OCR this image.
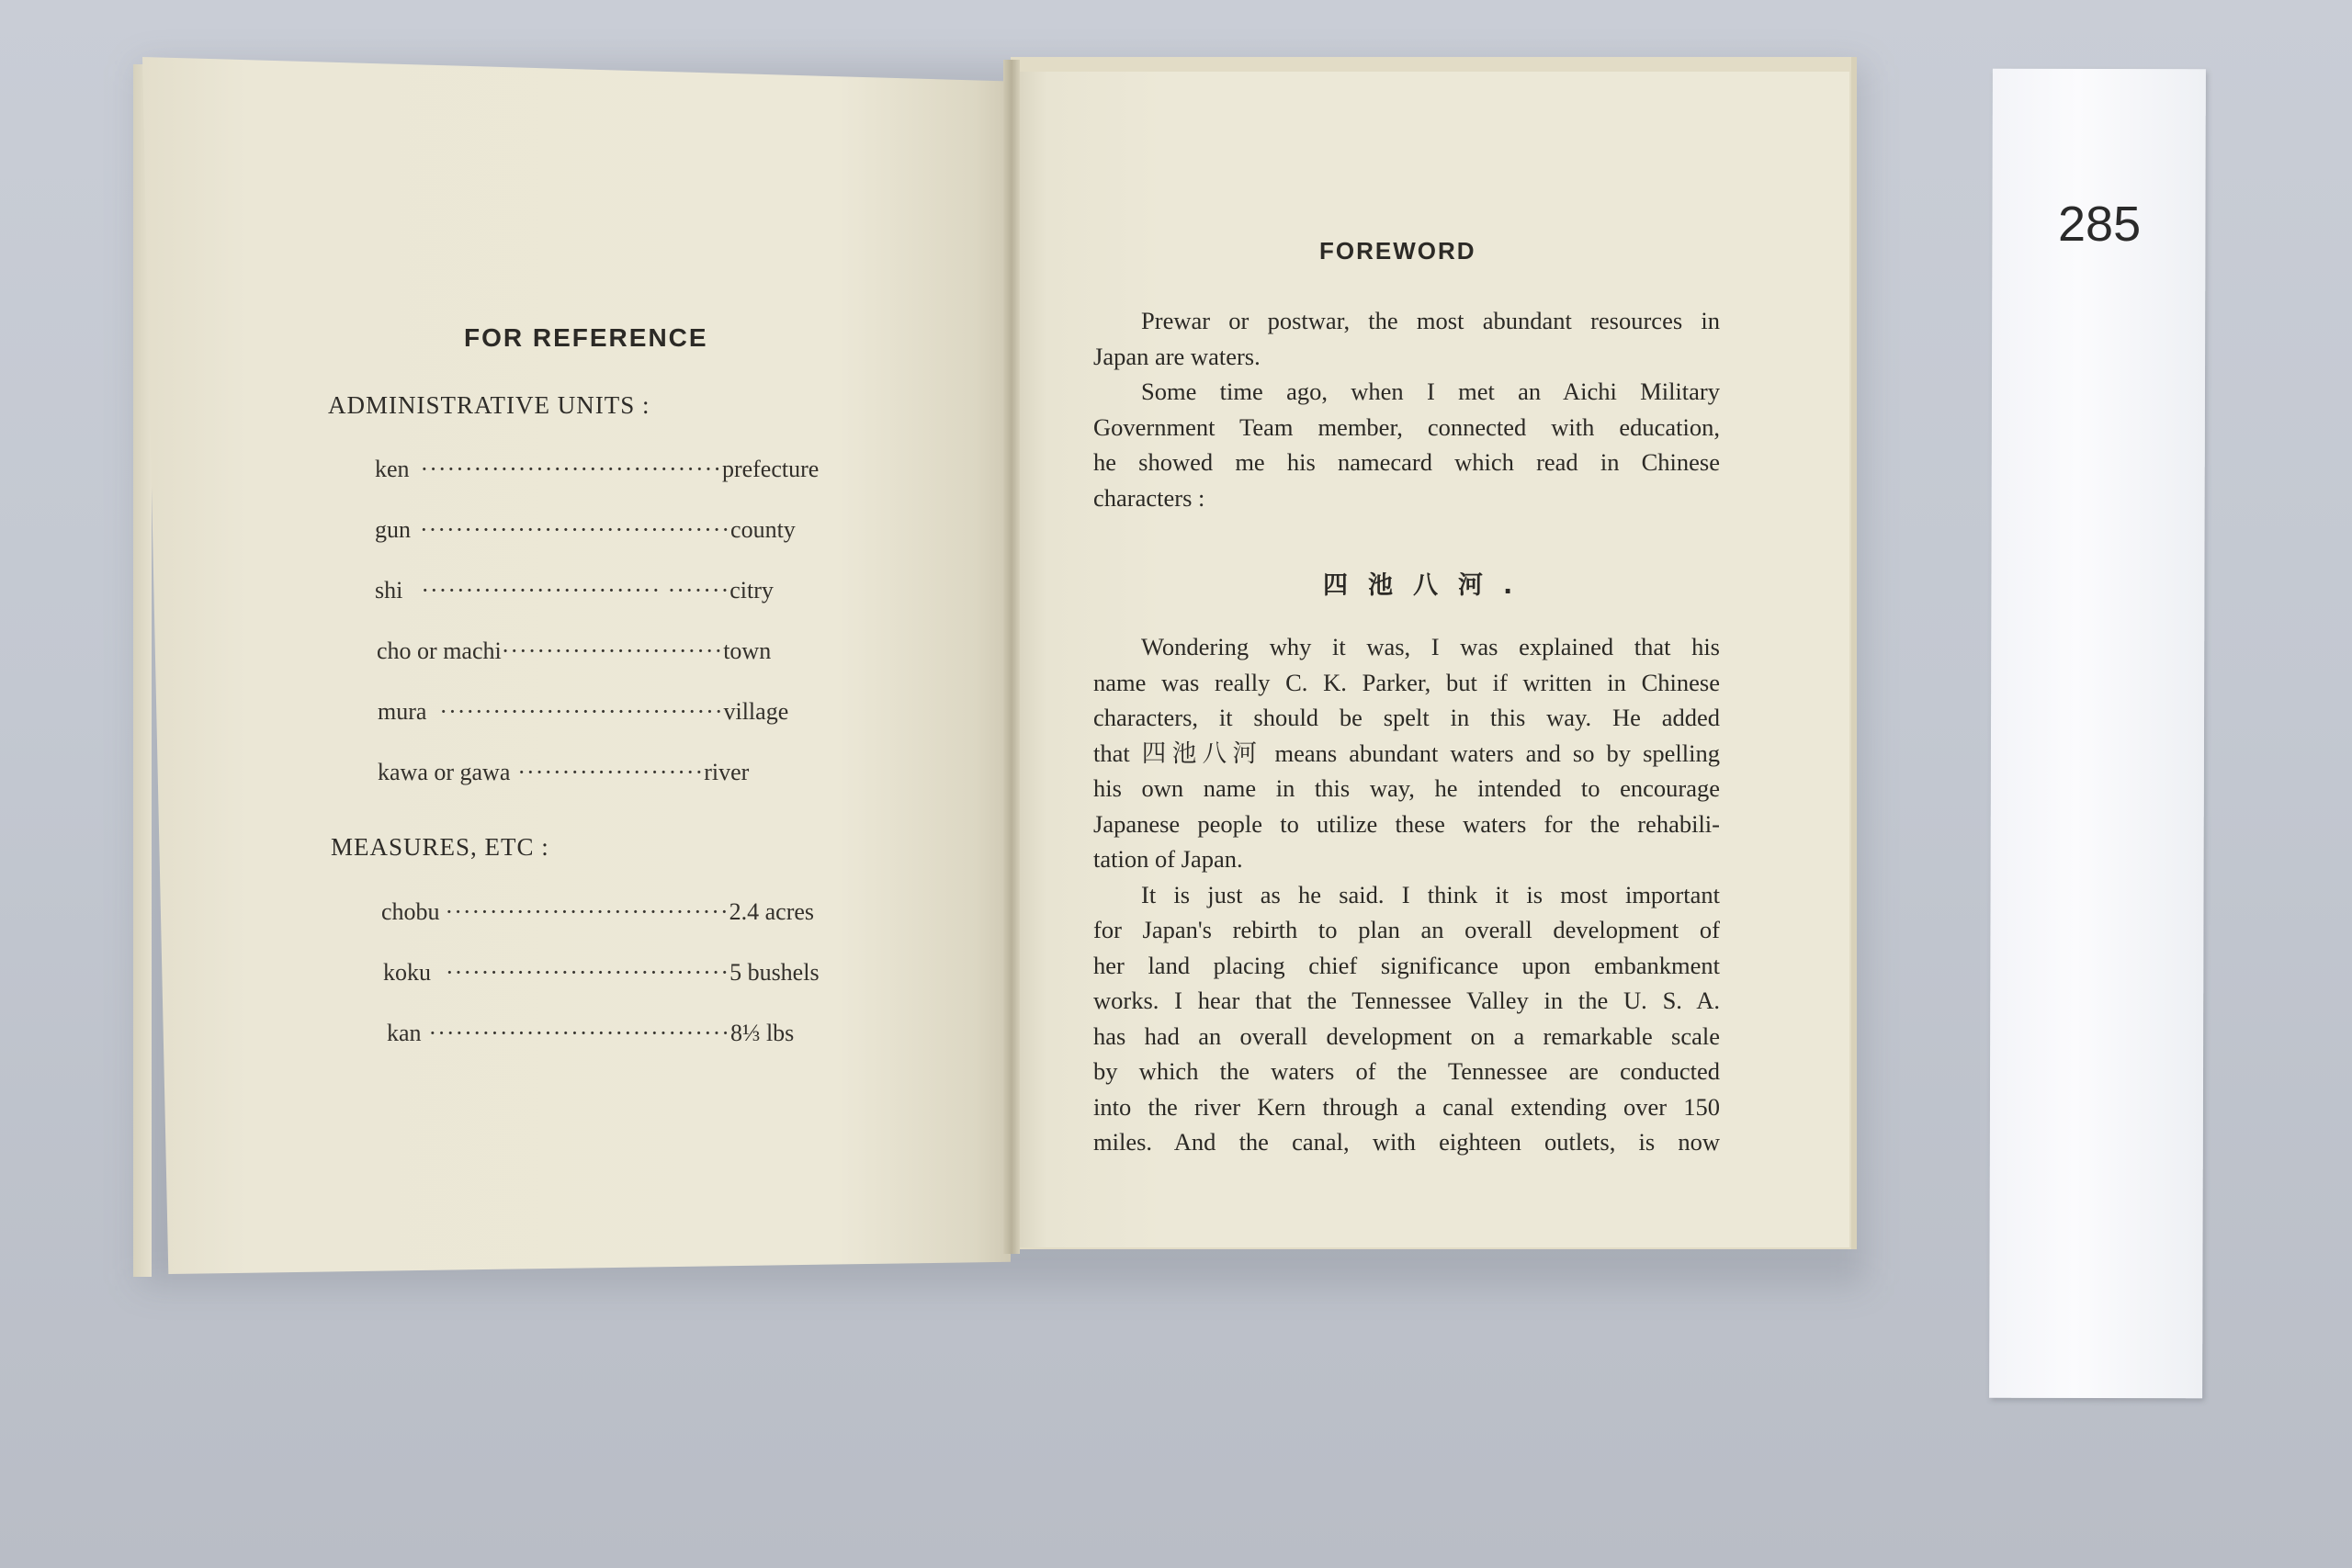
FOR REFERENCE
ADMINISTRATIVE UNITS :
ken ·································· prefecture
gun ··································· county
shi ··························· ······· citry
cho or machi ························· town
mura ································ village
kawa or gawa ····················· river
MEASURES, ETC :
chobu ································ 2.4 acres
koku ································ 5 bushels
kan ·································· 8⅓ lbs
FOREWORD
Prewar or postwar, the most abundant resources in
Japan are waters.
Some time ago, when I met an Aichi Military
Government Team member, connected with education,
he showed me his namecard which read in Chinese
characters :
四池八河.
Wondering why it was, I was explained that his
name was really C. K. Parker, but if written in Chinese
characters, it should be spelt in this way. He added
that 四池八河 means abundant waters and so by spelling
his own name in this way, he intended to encourage
Japanese people to utilize these waters for the rehabili-
tation of Japan.
It is just as he said. I think it is most important
for Japan's rebirth to plan an overall development of
her land placing chief significance upon embankment
works. I hear that the Tennessee Valley in the U. S. A.
has had an overall development on a remarkable scale
by which the waters of the Tennessee are conducted
into the river Kern through a canal extending over 150
miles. And the canal, with eighteen outlets, is now
285
